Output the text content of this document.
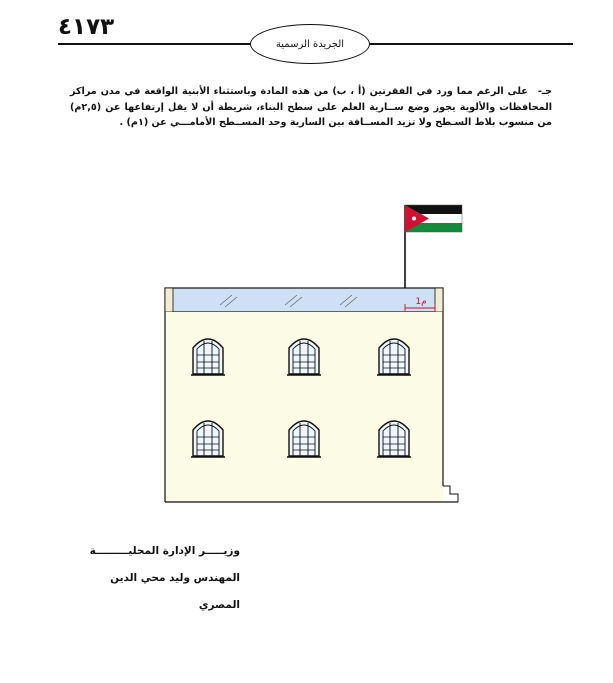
٤١٧٣
الجريدة الرسمية
جـ- على الرغم مما ورد في الفقرتين (أ ، ب) من هذه المادة وباستثناء الأبنية الواقعة في مدن مراكز المحافظات والألوية يجوز وضع ســارية العلم على سطح البناء، شريطة أن لا يقل إرتفاعها عن (٢,٥م) من منسوب بلاط السـطح ولا تزيد المســافة بين السارية وحد المســطح الأمامـــي عن (١م) .
1م
وزيـــــر الإدارة المحليـــــــــة
المهندس وليد محي الدين المصري
